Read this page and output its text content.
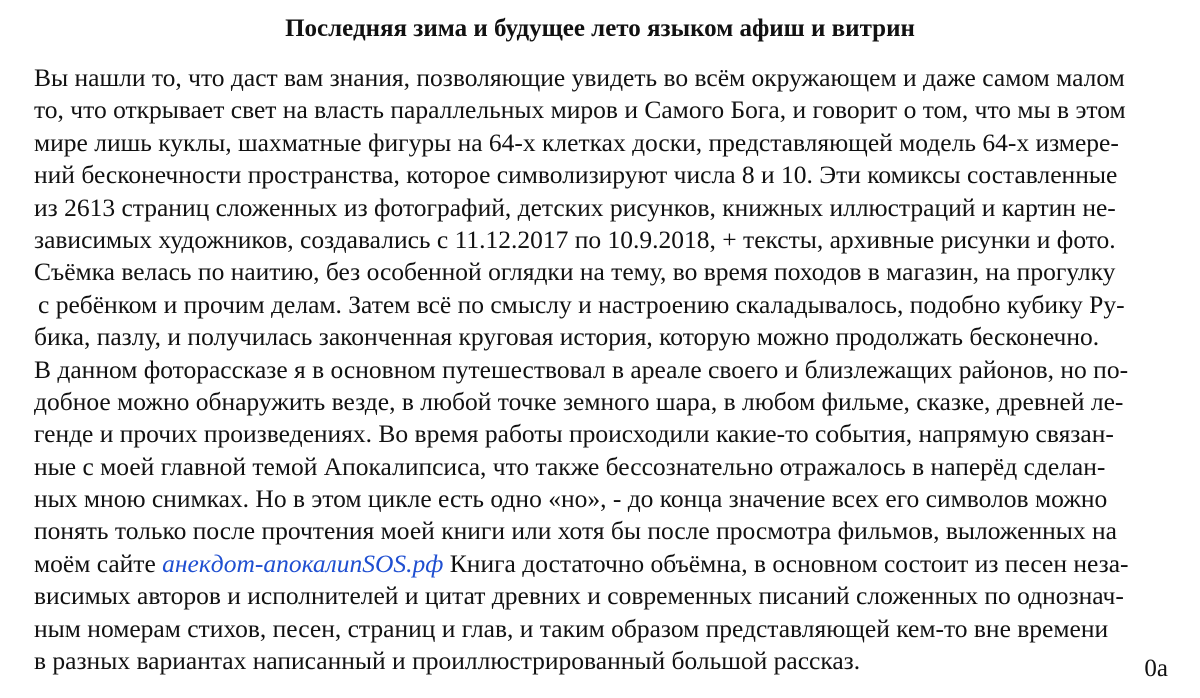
Последняя зима и будущее лето языком афиш и витрин
Вы нашли то, что даст вам знания, позволяющие увидеть во всём окружающем и даже самом малом
то, что открывает свет на власть параллельных миров и Самого Бога, и говорит о том, что мы в этом
мире лишь куклы, шахматные фигуры на 64-х клетках доски, представляющей модель 64-х измере-
ний бесконечности пространства, которое символизируют числа 8 и 10. Эти комиксы составленные
из 2613 страниц сложенных из фотографий, детских рисунков, книжных иллюстраций и картин не-
зависимых художников, создавались с 11.12.2017 по 10.9.2018, + тексты, архивные рисунки и фото.
Съёмка велась по наитию, без особенной оглядки на тему, во время походов в магазин, на прогулку
с ребёнком и прочим делам. Затем всё по смыслу и настроению скаладывалось, подобно кубику Ру-
бика, пазлу, и получилась законченная круговая история, которую можно продолжать бесконечно.
В данном фоторассказе я в основном путешествовал в ареале своего и близлежащих районов, но по-
добное можно обнаружить везде, в любой точке земного шара, в любом фильме, сказке, древней ле-
генде и прочих произведениях. Во время работы происходили какие-то события, напрямую связан-
ные с моей главной темой Апокалипсиса, что также бессознательно отражалось в наперёд сделан-
ных мною снимках. Но в этом цикле есть одно «но», - до конца значение всех его символов можно
понять только после прочтения моей книги или хотя бы после просмотра фильмов, выложенных на
моём сайте анекдот-апокалипSOS.рф Книга достаточно объёмна, в основном состоит из песен неза-
висимых авторов и исполнителей и цитат древних и современных писаний сложенных по однознач-
ным номерам стихов, песен, страниц и глав, и таким образом представляющей кем-то вне времени
в разных вариантах написанный и проиллюстрированный большой рассказ.	0а
